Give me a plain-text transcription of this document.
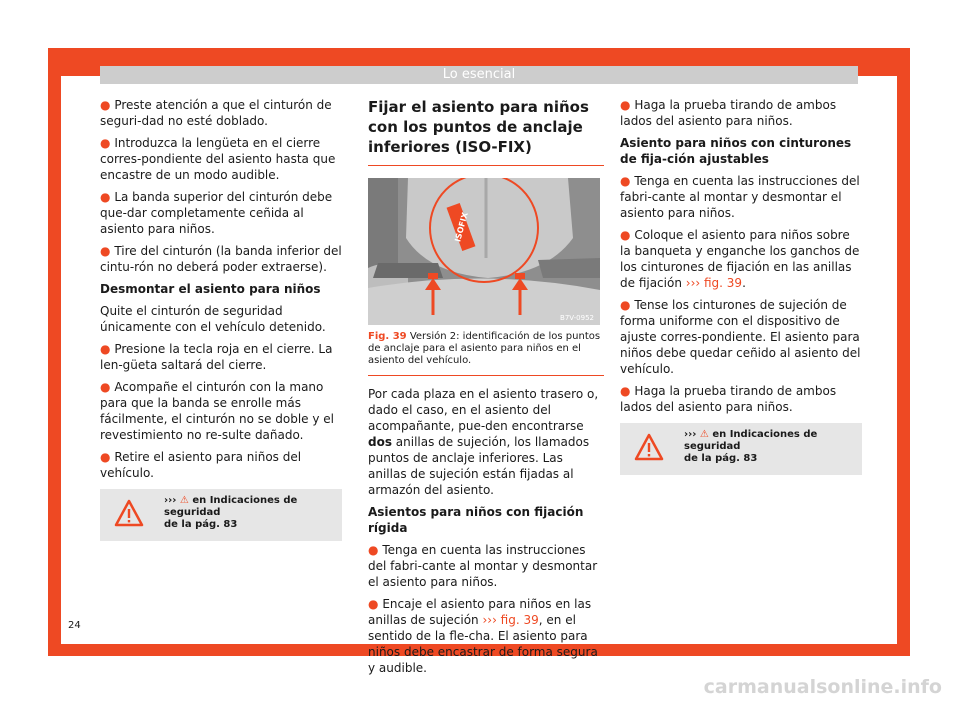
Lo esencial

● Preste atención a que el cinturón de seguri-dad no esté doblado.

● Introduzca la lengüeta en el cierre corres-pondiente del asiento hasta que encastre de un modo audible.

● La banda superior del cinturón debe que-dar completamente ceñida al asiento para niños.

● Tire del cinturón (la banda inferior del cintu-rón no deberá poder extraerse).

Desmontar el asiento para niños

Quite el cinturón de seguridad únicamente con el vehículo detenido.

● Presione la tecla roja en el cierre. La len-güeta saltará del cierre.

● Acompañe el cinturón con la mano para que la banda se enrolle más fácilmente, el cinturón no se doble y el revestimiento no re-sulte dañado.

● Retire el asiento para niños del vehículo.

››› ⚠ en Indicaciones de seguridad
de la pág. 83
Fijar el asiento para niños con los puntos de anclaje inferiores (ISO-FIX)
ISOFIX
B7V-0952
Fig. 39 Versión 2: identificación de los puntos de anclaje para el asiento para niños en el asiento del vehículo.

Por cada plaza en el asiento trasero o, dado el caso, en el asiento del acompañante, pue-den encontrarse dos anillas de sujeción, los llamados puntos de anclaje inferiores. Las anillas de sujeción están fijadas al armazón del asiento.

Asientos para niños con fijación rígida

● Tenga en cuenta las instrucciones del fabri-cante al montar y desmontar el asiento para niños.

● Encaje el asiento para niños en las anillas de sujeción ››› fig. 39, en el sentido de la fle-cha. El asiento para niños debe encastrar de forma segura y audible.

● Haga la prueba tirando de ambos lados del asiento para niños.

Asiento para niños con cinturones de fija-ción ajustables

● Tenga en cuenta las instrucciones del fabri-cante al montar y desmontar el asiento para niños.

● Coloque el asiento para niños sobre la banqueta y enganche los ganchos de los cinturones de fijación en las anillas de fijación ››› fig. 39.

● Tense los cinturones de sujeción de forma uniforme con el dispositivo de ajuste corres-pondiente. El asiento para niños debe quedar ceñido al asiento del vehículo.

● Haga la prueba tirando de ambos lados del asiento para niños.

››› ⚠ en Indicaciones de seguridad
de la pág. 83
24
carmanualsonline.info
